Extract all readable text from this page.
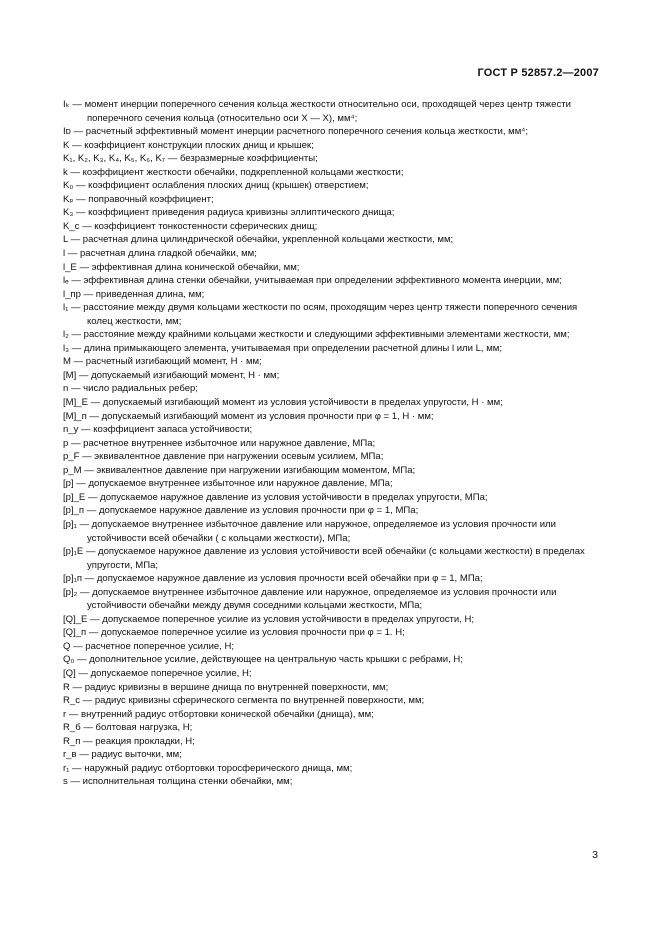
ГОСТ Р 52857.2—2007
Iₖ — момент инерции поперечного сечения кольца жесткости относительно оси, проходящей через центр тяжести поперечного сечения кольца (относительно оси X — X), мм⁴;
Iᴅ — расчетный эффективный момент инерции расчетного поперечного сечения кольца жесткости, мм⁴;
K — коэффициент конструкции плоских днищ и крышек;
K₁, K₂, K₃, K₄, K₅, K₆, K₇ — безразмерные коэффициенты;
k — коэффициент жесткости обечайки, подкрепленной кольцами жесткости;
K₀ — коэффициент ослабления плоских днищ (крышек) отверстием;
Kₚ — поправочный коэффициент;
K₃ — коэффициент приведения радиуса кривизны эллиптического днища;
K_c — коэффициент тонкостенности сферических днищ;
L — расчетная длина цилиндрической обечайки, укрепленной кольцами жесткости, мм;
l — расчетная длина гладкой обечайки, мм;
l_E — эффективная длина конической обечайки, мм;
lₑ — эффективная длина стенки обечайки, учитываемая при определении эффективного момента инерции, мм;
l_пр — приведенная длина, мм;
l₁ — расстояние между двумя кольцами жесткости по осям, проходящим через центр тяжести поперечного сечения колец жесткости, мм;
l₂ — расстояние между крайними кольцами жесткости и следующими эффективными элементами жесткости, мм;
l₃ — длина примыкающего элемента, учитываемая при определении расчетной длины l или L, мм;
M — расчетный изгибающий момент, Н · мм;
[M] — допускаемый изгибающий момент, Н · мм;
n — число радиальных ребер;
[M]_E — допускаемый изгибающий момент из условия устойчивости в пределах упругости, Н · мм;
[M]_п — допускаемый изгибающий момент из условия прочности при φ = 1, Н · мм;
n_y — коэффициент запаса устойчивости;
p — расчетное внутреннее избыточное или наружное давление, МПа;
p_F — эквивалентное давление при нагружении осевым усилием, МПа;
p_M — эквивалентное давление при нагружении изгибающим моментом, МПа;
[p] — допускаемое внутреннее избыточное или наружное давление, МПа;
[p]_E — допускаемое наружное давление из условия устойчивости в пределах упругости, МПа;
[p]_п — допускаемое наружное давление из условия прочности при φ = 1, МПа;
[p]₁ — допускаемое внутреннее избыточное давление или наружное, определяемое из условия прочности или устойчивости всей обечайки ( с кольцами жесткости), МПа;
[p]₁E — допускаемое наружное давление из условия устойчивости всей обечайки (с кольцами жесткости) в пределах упругости, МПа;
[p]₁п — допускаемое наружное давление из условия прочности всей обечайки при φ = 1, МПа;
[p]₂ — допускаемое внутреннее избыточное давление или наружное, определяемое из условия прочности или устойчивости обечайки между двумя соседними кольцами жесткости, МПа;
[Q]_E — допускаемое поперечное усилие из условия устойчивости в пределах упругости, Н;
[Q]_п — допускаемое поперечное усилие из условия прочности при φ = 1. Н;
Q — расчетное поперечное усилие, Н;
Q₀ — дополнительное усилие, действующее на центральную часть крышки с ребрами, Н;
[Q] — допускаемое поперечное усилие, Н;
R — радиус кривизны в вершине днища по внутренней поверхности, мм;
R_c — радиус кривизны сферического сегмента по внутренней поверхности, мм;
r — внутренний радиус отбортовки конической обечайки (днища), мм;
R_б — болтовая нагрузка, Н;
R_п — реакция прокладки, Н;
r_в — радиус выточки, мм;
r₁ — наружный радиус отбортовки торосферического днища, мм;
s — исполнительная толщина стенки обечайки, мм;
3
